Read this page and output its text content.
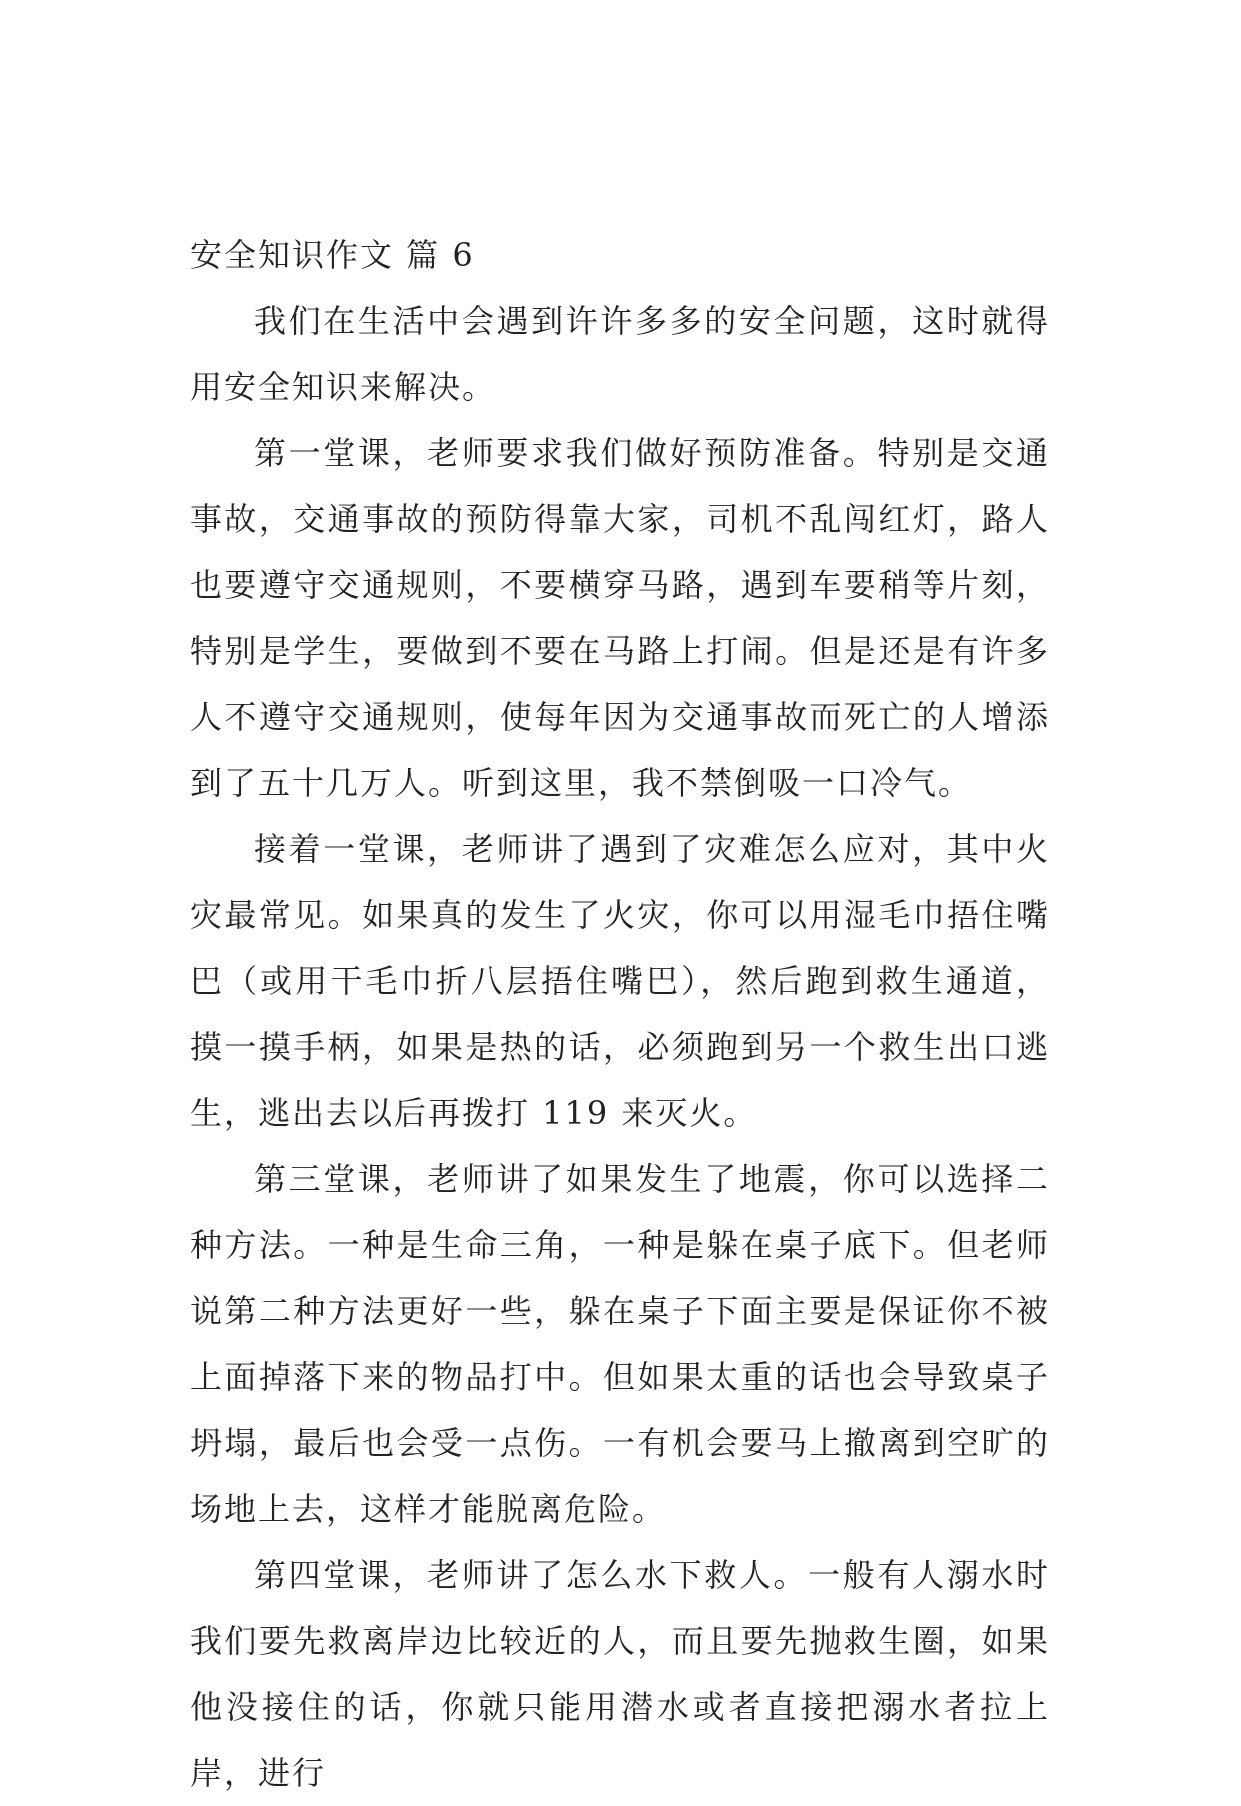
安全知识作文 篇 6

我们在生活中会遇到许许多多的安全问题，这时就得用安全知识来解决。

第一堂课，老师要求我们做好预防准备。特别是交通事故，交通事故的预防得靠大家，司机不乱闯红灯，路人也要遵守交通规则，不要横穿马路，遇到车要稍等片刻，特别是学生，要做到不要在马路上打闹。但是还是有许多人不遵守交通规则，使每年因为交通事故而死亡的人增添到了五十几万人。听到这里，我不禁倒吸一口冷气。

接着一堂课，老师讲了遇到了灾难怎么应对，其中火灾最常见。如果真的发生了火灾，你可以用湿毛巾捂住嘴巴（或用干毛巾折八层捂住嘴巴），然后跑到救生通道，摸一摸手柄，如果是热的话，必须跑到另一个救生出口逃生，逃出去以后再拨打 119 来灭火。

第三堂课，老师讲了如果发生了地震，你可以选择二种方法。一种是生命三角，一种是躲在桌子底下。但老师说第二种方法更好一些，躲在桌子下面主要是保证你不被上面掉落下来的物品打中。但如果太重的话也会导致桌子坍塌，最后也会受一点伤。一有机会要马上撤离到空旷的场地上去，这样才能脱离危险。

第四堂课，老师讲了怎么水下救人。一般有人溺水时我们要先救离岸边比较近的人，而且要先抛救生圈，如果他没接住的话，你就只能用潜水或者直接把溺水者拉上岸，进行
